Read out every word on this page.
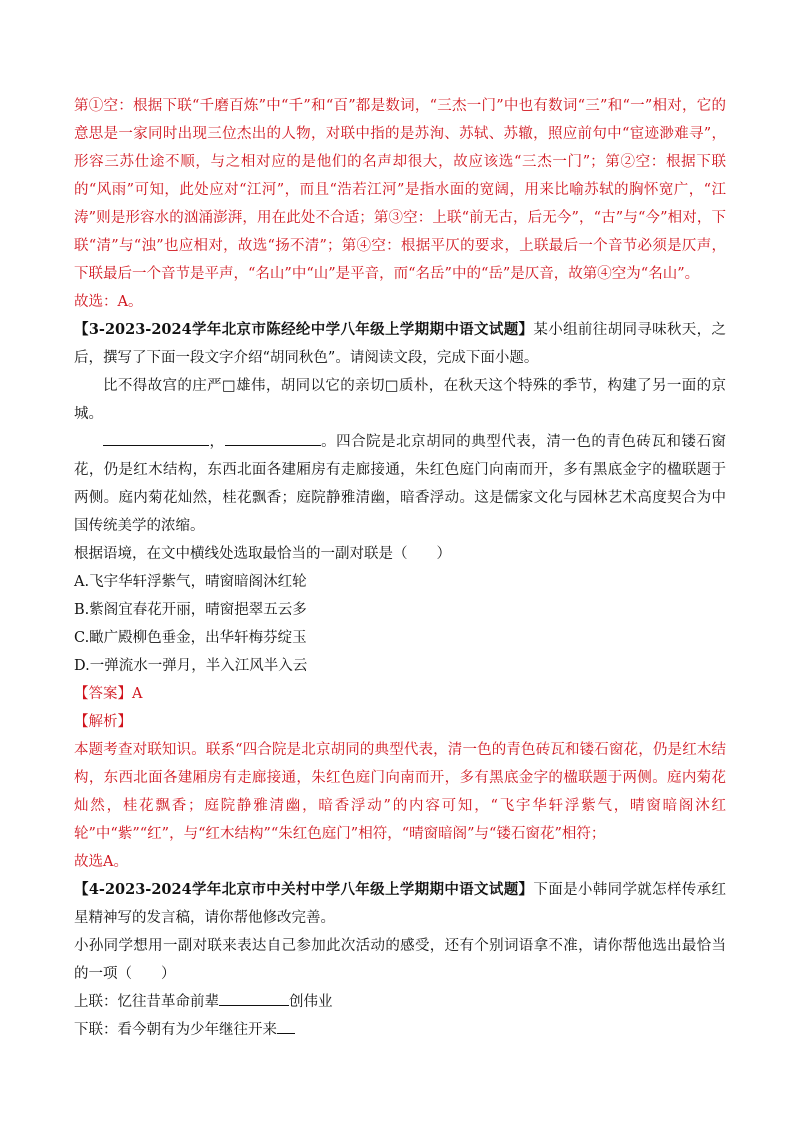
第①空：根据下联“千磨百炼”中“千”和“百”都是数词，“三杰一门”中也有数词“三”和“一”相对，它的意思是一家同时出现三位杰出的人物，对联中指的是苏洵、苏轼、苏辙，照应前句中“宦迹渺难寻”，形容三苏仕途不顺，与之相对应的是他们的名声却很大，故应该选“三杰一门”；第②空：根据下联的“风雨”可知，此处应对“江河”，而且“浩若江河”是指水面的宽阔，用来比喻苏轼的胸怀宽广，“江涛”则是形容水的汹涌澎湃，用在此处不合适；第③空：上联“前无古，后无今”，“古”与“今”相对，下联“清”与“浊”也应相对，故选“扬不清”；第④空：根据平仄的要求，上联最后一个音节必须是仄声，下联最后一个音节是平声，“名山”中“山”是平音，而“名岳”中的“岳”是仄音，故第④空为“名山”。

故选：A。

【3-2023-2024学年北京市陈经纶中学八年级上学期期中语文试题】某小组前往胡同寻味秋天，之后，撰写了下面一段文字介绍“胡同秋色”。请阅读文段，完成下面小题。

比不得故宫的庄严□雄伟，胡同以它的亲切□质朴，在秋天这个特殊的季节，构建了另一面的京城。

，	。四合院是北京胡同的典型代表，清一色的青色砖瓦和镂石窗花，仍是红木结构，东西北面各建厢房有走廊接通，朱红色庭门向南而开，多有黑底金字的楹联题于两侧。庭内菊花灿然，桂花飘香；庭院静雅清幽，暗香浮动。这是儒家文化与园林艺术高度契合为中国传统美学的浓缩。

根据语境，在文中横线处选取最恰当的一副对联是（　　）

A.飞宇华轩浮紫气，晴窗暗阁沐红轮

B.紫阁宜春花开丽，晴窗挹翠五云多

C.瞰广殿柳色垂金，出华轩梅芬绽玉

D.一弹流水一弹月，半入江风半入云

【答案】A

【解析】

本题考查对联知识。联系“四合院是北京胡同的典型代表，清一色的青色砖瓦和镂石窗花，仍是红木结构，东西北面各建厢房有走廊接通，朱红色庭门向南而开，多有黑底金字的楹联题于两侧。庭内菊花灿然，桂花飘香；庭院静雅清幽，暗香浮动”的内容可知，“飞宇华轩浮紫气，晴窗暗阁沐红轮”中“紫”“红”，与“红木结构”“朱红色庭门”相符，“晴窗暗阁”与“镂石窗花”相符；

故选A。

【4-2023-2024学年北京市中关村中学八年级上学期期中语文试题】下面是小韩同学就怎样传承红星精神写的发言稿，请你帮他修改完善。

小孙同学想用一副对联来表达自己参加此次活动的感受，还有个别词语拿不准，请你帮他选出最恰当的一项（　　）

上联：忆往昔革命前辈	创伟业

下联：看今朝有为少年继往开来
